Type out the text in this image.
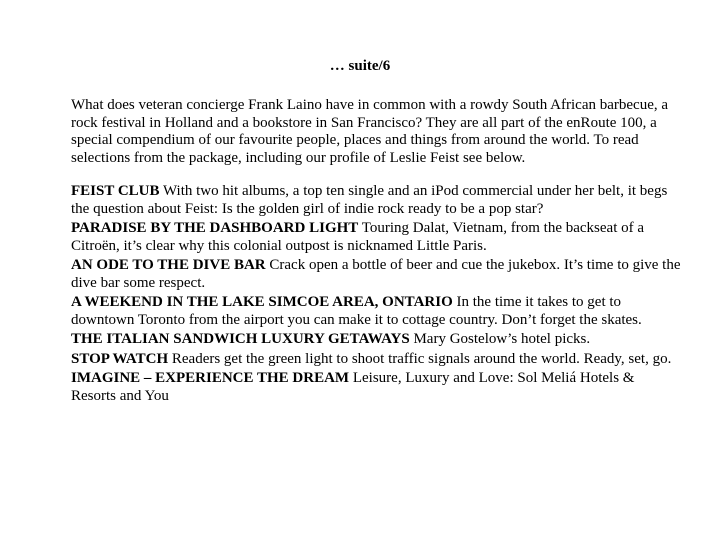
… suite/6

What does veteran concierge Frank Laino have in common with a rowdy South African barbecue, a rock festival in Holland and a bookstore in San Francisco? They are all part of the enRoute 100, a special compendium of our favourite people, places and things from around the world. To read selections from the package, including our profile of Leslie Feist see below.

FEIST CLUB With two hit albums, a top ten single and an iPod commercial under her belt, it begs the question about Feist: Is the golden girl of indie rock ready to be a pop star?
PARADISE BY THE DASHBOARD LIGHT Touring Dalat, Vietnam, from the backseat of a Citroën, it’s clear why this colonial outpost is nicknamed Little Paris.
AN ODE TO THE DIVE BAR Crack open a bottle of beer and cue the jukebox. It’s time to give the dive bar some respect.
A WEEKEND IN THE LAKE SIMCOE AREA, ONTARIO In the time it takes to get to downtown Toronto from the airport you can make it to cottage country. Don’t forget the skates.
THE ITALIAN SANDWICH LUXURY GETAWAYS Mary Gostelow’s hotel picks.
STOP WATCH Readers get the green light to shoot traffic signals around the world. Ready, set, go.
IMAGINE – EXPERIENCE THE DREAM Leisure, Luxury and Love: Sol Meliá Hotels & Resorts and You
